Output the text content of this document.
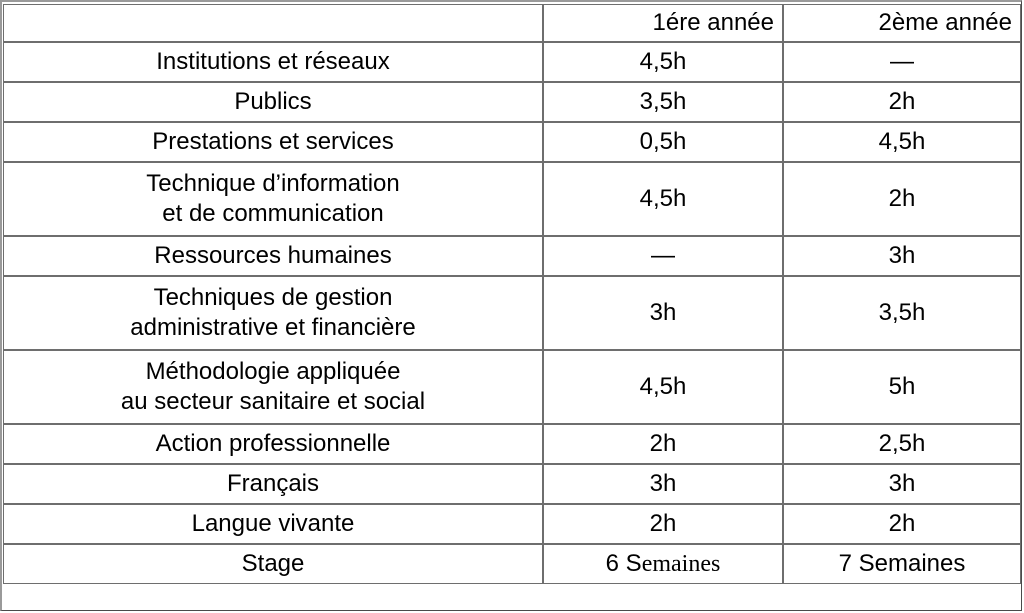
	1ére année	2ème année
Institutions et réseaux	4,5h	—
Publics	3,5h	2h
Prestations et services	0,5h	4,5h
Technique d’information
et de communication	4,5h	2h
Ressources humaines	—	3h
Techniques de gestion
administrative et financière	3h	3,5h
Méthodologie appliquée
au secteur sanitaire et social	4,5h	5h
Action professionnelle	2h	2,5h
Français	3h	3h
Langue vivante	2h	2h
Stage	6 Semaines	7 Semaines
